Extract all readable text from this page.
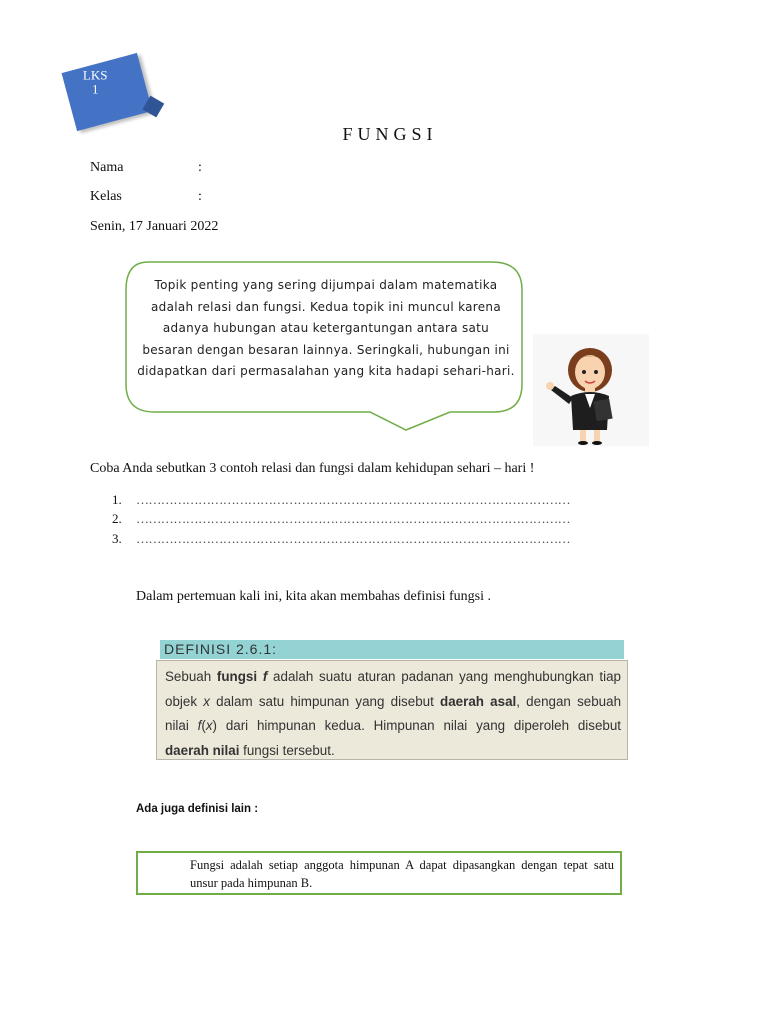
LKS
1
FUNGSI
Nama	:
Kelas	:
Senin, 17 Januari 2022
Topik penting yang sering dijumpai dalam matematika adalah relasi dan fungsi. Kedua topik ini muncul karena adanya hubungan atau ketergantungan antara satu besaran dengan besaran lainnya. Seringkali, hubungan ini didapatkan dari permasalahan yang kita hadapi sehari-hari.
Coba Anda sebutkan 3 contoh relasi dan fungsi dalam kehidupan sehari – hari !
1. ……………………………………………………………………………………………
2. ……………………………………………………………………………………………
3. ……………………………………………………………………………………………
Dalam pertemuan kali ini, kita akan membahas definisi fungsi .
DEFINISI 2.6.1:
Sebuah fungsi f adalah suatu aturan padanan yang menghubungkan tiap objek x dalam satu himpunan yang disebut daerah asal, dengan sebuah nilai f(x) dari himpunan kedua. Himpunan nilai yang diperoleh disebut daerah nilai fungsi tersebut.
Ada juga definisi lain :
Fungsi adalah setiap anggota himpunan A dapat dipasangkan dengan tepat satu unsur pada himpunan B.
